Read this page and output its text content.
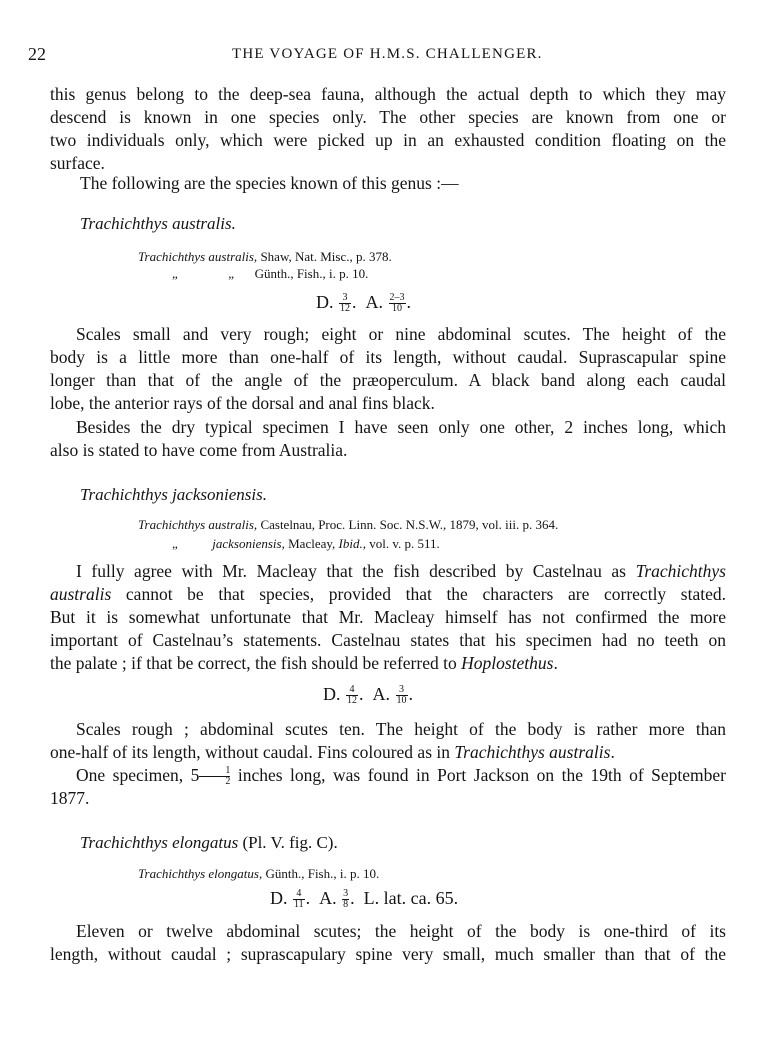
22	THE VOYAGE OF H.M.S. CHALLENGER.
this genus belong to the deep-sea fauna, although the actual depth to which they may
descend is known in one species only. The other species are known from one or
two individuals only, which were picked up in an exhausted condition floating on the
surface.
The following are the species known of this genus :—
Trachichthys australis.
Trachichthys australis, Shaw, Nat. Misc., p. 378.
„	„ Günth., Fish., i. p. 10.
D. $\frac{3}{12}$ .  A. $\frac{2-3}{10}$ .
Scales small and very rough; eight or nine abdominal scutes. The height of the
body is a little more than one-half of its length, without caudal. Suprascapular spine
longer than that of the angle of the præoperculum. A black band along each caudal
lobe, the anterior rays of the dorsal and anal fins black.
Besides the dry typical specimen I have seen only one other, 2 inches long, which
also is stated to have come from Australia.
Trachichthys jacksoniensis.
Trachichthys australis, Castelnau, Proc. Linn. Soc. N.S.W., 1879, vol. iii. p. 364.
„	jacksoniensis, Macleay, Ibid., vol. v. p. 511.
I fully agree with Mr. Macleay that the fish described by Castelnau as Trachichthys
australis cannot be that species, provided that the characters are correctly stated.
But it is somewhat unfortunate that Mr. Macleay himself has not confirmed the more
important of Castelnau’s statements. Castelnau states that his specimen had no teeth on
the palate ; if that be correct, the fish should be referred to Hoplostethus.
D. $\frac{4}{12}$ .  A. $\frac{3}{10}$ .
Scales rough ; abdominal scutes ten. The height of the body is rather more than
one-half of its length, without caudal. Fins coloured as in Trachichthys australis.
One specimen, $5 \frac{1}{2}$ inches long, was found in Port Jackson on the 19th of September
1877.
Trachichthys elongatus (Pl. V. fig. C).
Trachichthys elongatus, Günth., Fish., i. p. 10.
D. $\frac{4}{11}$ .  A. $\frac{3}{8}$ .  L. lat. ca. 65.
Eleven or twelve abdominal scutes; the height of the body is one-third of its
length, without caudal ; suprascapulary spine very small, much smaller than that of the
